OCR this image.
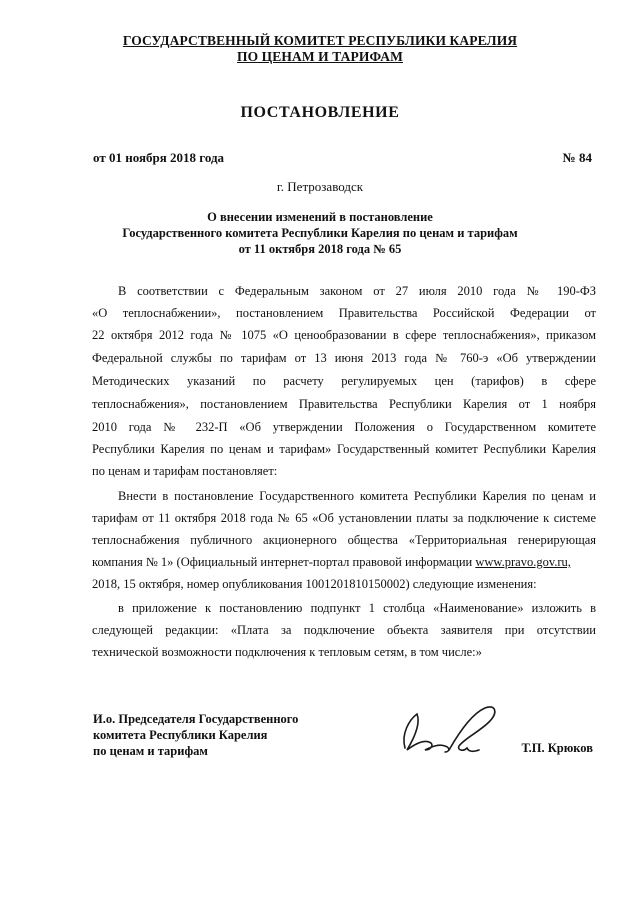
ГОСУДАРСТВЕННЫЙ КОМИТЕТ РЕСПУБЛИКИ КАРЕЛИЯ
ПО ЦЕНАМ И ТАРИФАМ
ПОСТАНОВЛЕНИЕ
от 01 ноября 2018 года	№ 84
г. Петрозаводск
О внесении изменений в постановление
Государственного комитета Республики Карелия по ценам и тарифам
от 11 октября 2018 года № 65
В соответствии с Федеральным законом от 27 июля 2010 года № 190-ФЗ
«О теплоснабжении», постановлением Правительства Российской Федерации от
22 октября 2012 года № 1075 «О ценообразовании в сфере теплоснабжения», приказом
Федеральной службы по тарифам от 13 июня 2013 года № 760-э «Об утверждении
Методических указаний по расчету регулируемых цен (тарифов) в сфере
теплоснабжения», постановлением Правительства Республики Карелия от 1 ноября
2010 года № 232-П «Об утверждении Положения о Государственном комитете
Республики Карелия по ценам и тарифам» Государственный комитет Республики Карелия
по ценам и тарифам постановляет:
Внести в постановление Государственного комитета Республики Карелия по ценам и
тарифам от 11 октября 2018 года № 65 «Об установлении платы за подключение к системе
теплоснабжения публичного акционерного общества «Территориальная генерирующая
компания № 1» (Официальный интернет-портал правовой информации www.pravo.gov.ru,
2018, 15 октября, номер опубликования 1001201810150002) следующие изменения:
в приложение к постановлению подпункт 1 столбца «Наименование» изложить в
следующей редакции: «Плата за подключение объекта заявителя при отсутствии
технической возможности подключения к тепловым сетям, в том числе:»
И.о. Председателя Государственного
комитета Республики Карелия
по ценам и тарифам	Т.П. Крюков
